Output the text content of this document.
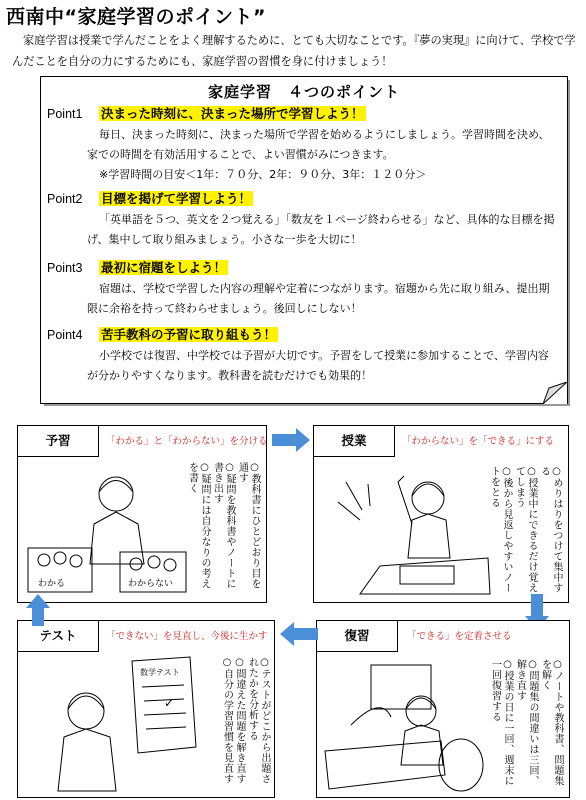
西南中“家庭学習のポイント”
家庭学習は授業で学んだことをよく理解するために、とても大切なことです。『夢の実現』に向けて、学校で学んだことを自分の力にするためにも、家庭学習の習慣を身に付けましょう！
家庭学習　４つのポイント
Point1 決まった時刻に、決まった場所で学習しよう！
毎日、決まった時刻に、決まった場所で学習を始めるようにしましょう。学習時間を決め、家での時間を有効活用することで、よい習慣がみにつきます。
※学習時間の目安＜1年：７０分、2年：９０分、3年：１２０分＞
Point2 目標を掲げて学習しよう！
「英単語を５つ、英文を２つ覚える」「数友を１ページ終わらせる」など、具体的な目標を掲げ、集中して取り組みましょう。小さな一歩を大切に！
Point3 最初に宿題をしよう！
宿題は、学校で学習した内容の理解や定着につながります。宿題から先に取り組み、提出期限に余裕を持って終わらせましょう。後回しにしない！
Point4 苦手教科の予習に取り組もう！
小学校では復習、中学校では予習が大切です。予習をして授業に参加することで、学習内容が分かりやすくなります。教科書を読むだけでも効果的！
予習	「わかる」と「わからない」を分ける
わかる	わからない	○教科書にひとどおり目を通す
○疑問を教科書やノートに書き出す
○疑問には自分なりの考えを書く
授業	「わからない」を「できる」にする
○めりはりをつけて集中する
○授業中にできるだけ覚えてしまう
○後から見返しやすいノートをとる
復習	「できる」を定着させる
○ノートや教科書、問題集を解く
○問題集の間違いは三回、解き直す
○授業の日に一回、週末に一回復習する
テスト	「できない」を見直し、今後に生かす
数学テスト
✓	○テストがどこから出題されたかを分析する
○間違えた問題を解き直す
○自分の学習習慣を見直す
